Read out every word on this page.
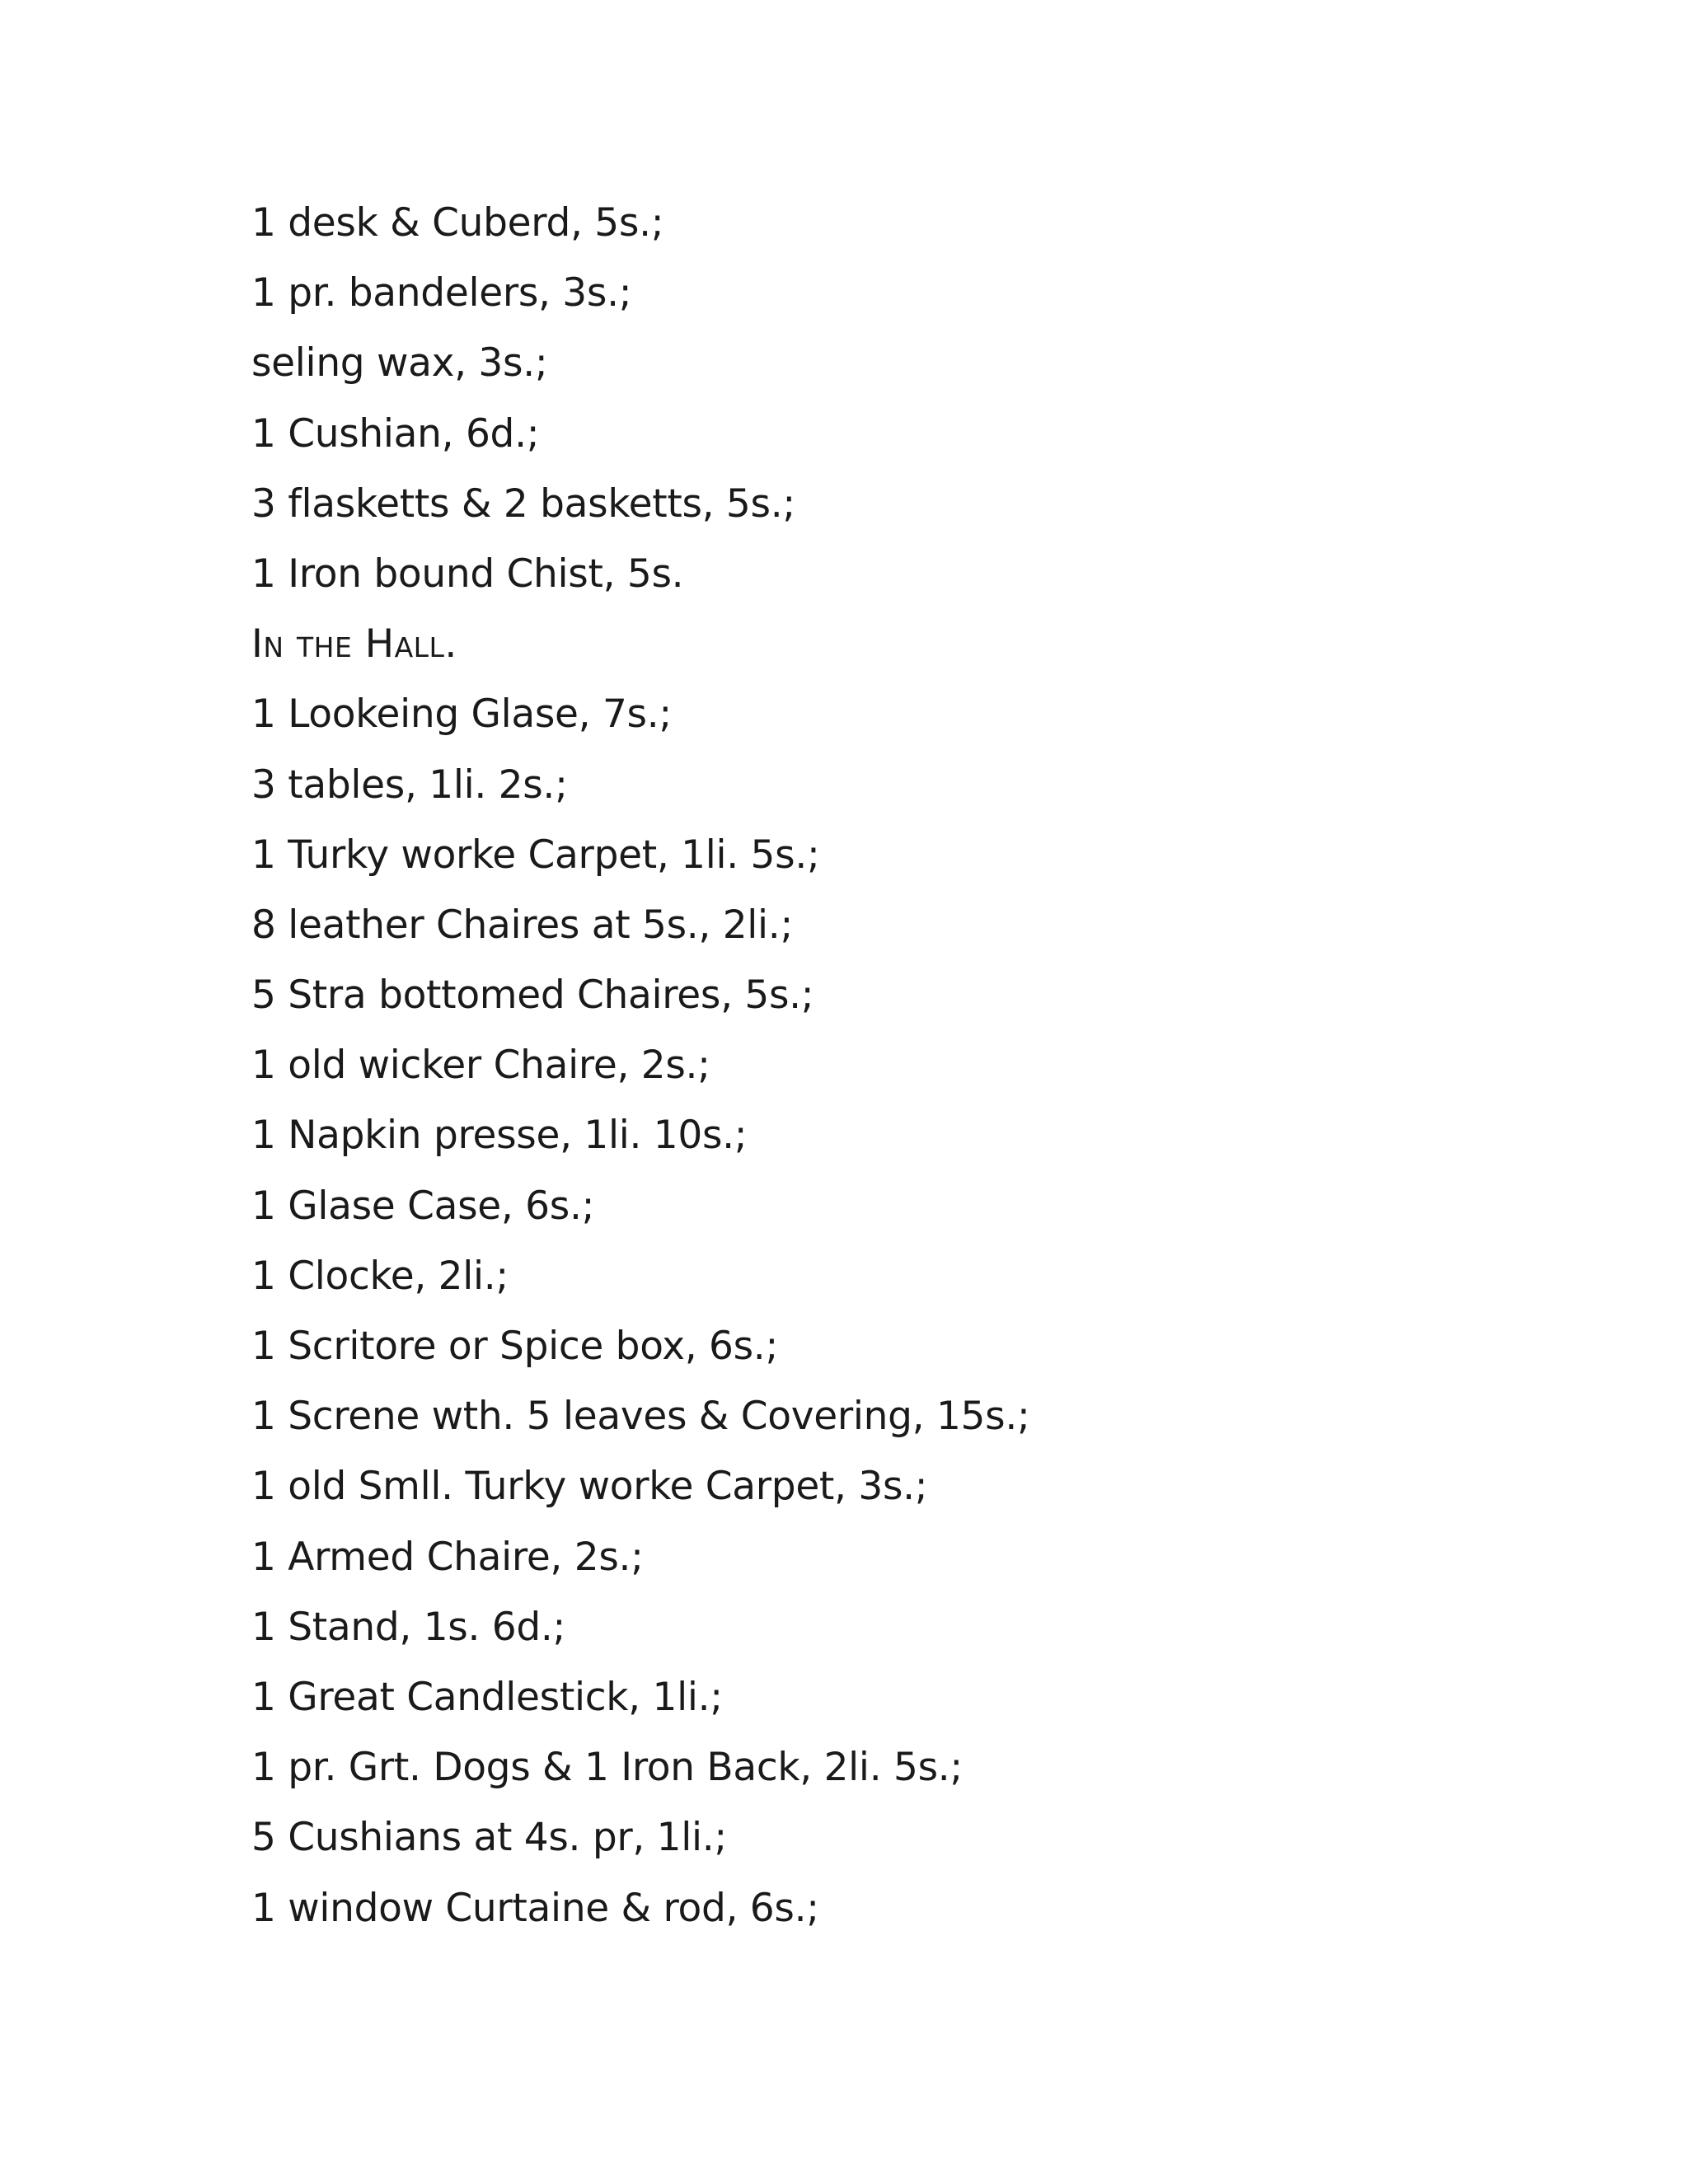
1 desk & Cuberd, 5s.;
1 pr. bandelers, 3s.;
seling wax, 3s.;
1 Cushian, 6d.;
3 flasketts & 2 basketts, 5s.;
1 Iron bound Chist, 5s.
In the Hall.
1 Lookeing Glase, 7s.;
3 tables, 1li. 2s.;
1 Turky worke Carpet, 1li. 5s.;
8 leather Chaires at 5s., 2li.;
5 Stra bottomed Chaires, 5s.;
1 old wicker Chaire, 2s.;
1 Napkin presse, 1li. 10s.;
1 Glase Case, 6s.;
1 Clocke, 2li.;
1 Scritore or Spice box, 6s.;
1 Screne wth. 5 leaves & Covering, 15s.;
1 old Smll. Turky worke Carpet, 3s.;
1 Armed Chaire, 2s.;
1 Stand, 1s. 6d.;
1 Great Candlestick, 1li.;
1 pr. Grt. Dogs & 1 Iron Back, 2li. 5s.;
5 Cushians at 4s. pr, 1li.;
1 window Curtaine & rod, 6s.;
